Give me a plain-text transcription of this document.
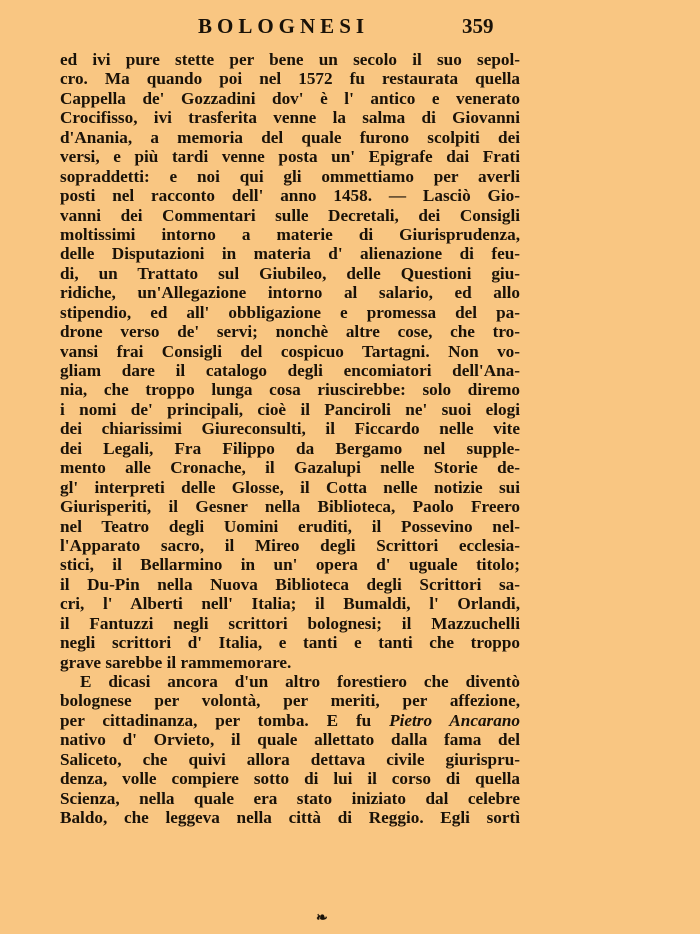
BOLOGNESI	359
ed ivi pure stette per bene un secolo il suo sepol-
cro. Ma quando poi nel 1572 fu restaurata quella
Cappella de' Gozzadini dov' è l' antico e venerato
Crocifisso, ivi trasferita venne la salma di Giovanni
d'Anania, a memoria del quale furono scolpiti dei
versi, e più tardi venne posta un' Epigrafe dai Frati
sopraddetti: e noi qui gli ommettiamo per averli
posti nel racconto dell' anno 1458. — Lasciò Gio-
vanni dei Commentari sulle Decretali, dei Consigli
moltissimi intorno a materie di Giurisprudenza,
delle Disputazioni in materia d' alienazione di feu-
di, un Trattato sul Giubileo, delle Questioni giu-
ridiche, un'Allegazione intorno al salario, ed allo
stipendio, ed all' obbligazione e promessa del pa-
drone verso de' servi; nonchè altre cose, che tro-
vansi frai Consigli del cospicuo Tartagni. Non vo-
gliam dare il catalogo degli encomiatori dell'Ana-
nia, che troppo lunga cosa riuscirebbe: solo diremo
i nomi de' principali, cioè il Panciroli ne' suoi elogi
dei chiarissimi Giureconsulti, il Ficcardo nelle vite
dei Legali, Fra Filippo da Bergamo nel supple-
mento alle Cronache, il Gazalupi nelle Storie de-
gl' interpreti delle Glosse, il Cotta nelle notizie sui
Giurisperiti, il Gesner nella Biblioteca, Paolo Freero
nel Teatro degli Uomini eruditi, il Possevino nel-
l'Apparato sacro, il Mireo degli Scrittori ecclesia-
stici, il Bellarmino in un' opera d' uguale titolo;
il Du-Pin nella Nuova Biblioteca degli Scrittori sa-
cri, l' Alberti nell' Italia; il Bumaldi, l' Orlandi,
il Fantuzzi negli scrittori bolognesi; il Mazzuchelli
negli scrittori d' Italia, e tanti e tanti che troppo
grave sarebbe il rammemorare.
E dicasi ancora d'un altro forestiero che diventò
bolognese per volontà, per meriti, per affezione,
per cittadinanza, per tomba. E fu Pietro Ancarano
nativo d' Orvieto, il quale allettato dalla fama del
Saliceto, che quivi allora dettava civile giurispru-
denza, volle compiere sotto di lui il corso di quella
Scienza, nella quale era stato iniziato dal celebre
Baldo, che leggeva nella città di Reggio. Egli sortì
❧
